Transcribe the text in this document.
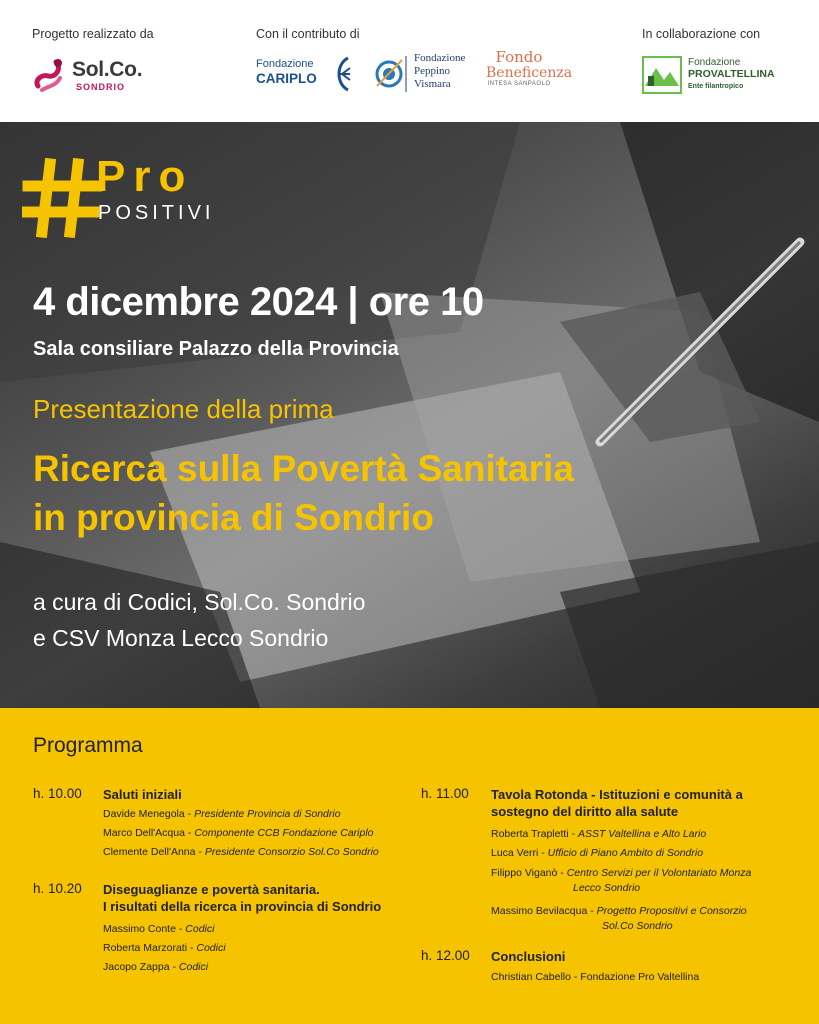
Progetto realizzato da	Con il contributo di	In collaborazione con
Sol.Co.
SONDRIO
Fondazione
CARIPLO
Fondazione
Peppino
Vismara
Fondo
Beneficenza
INTESA SANPAOLO
Fondazione
PROVALTELLINA
Ente filantropico
Pro
POSITIVI
4 dicembre 2024 | ore 10
Sala consiliare Palazzo della Provincia
Presentazione della prima
Ricerca sulla Povertà Sanitaria
in provincia di Sondrio
a cura di Codici, Sol.Co. Sondrio
e CSV Monza Lecco Sondrio
Programma
h. 10.00 Saluti iniziali
Davide Menegola - Presidente Provincia di Sondrio
Marco Dell'Acqua - Componente CCB Fondazione Cariplo
Clemente Dell'Anna - Presidente Consorzio Sol.Co Sondrio
h. 10.20 Diseguaglianze e povertà sanitaria.
I risultati della ricerca in provincia di Sondrio
Massimo Conte - Codici
Roberta Marzorati - Codici
Jacopo Zappa - Codici
h. 11.00 Tavola Rotonda - Istituzioni e comunità a
sostegno del diritto alla salute
Roberta Trapletti - ASST Valtellina e Alto Lario
Luca Verri - Ufficio di Piano Ambito di Sondrio
Filippo Viganò - Centro Servizi per il Volontariato Monza
Lecco Sondrio
Massimo Bevilacqua - Progetto Propositivi e Consorzio
Sol.Co Sondrio
h. 12.00 Conclusioni
Christian Cabello - Fondazione Pro Valtellina
